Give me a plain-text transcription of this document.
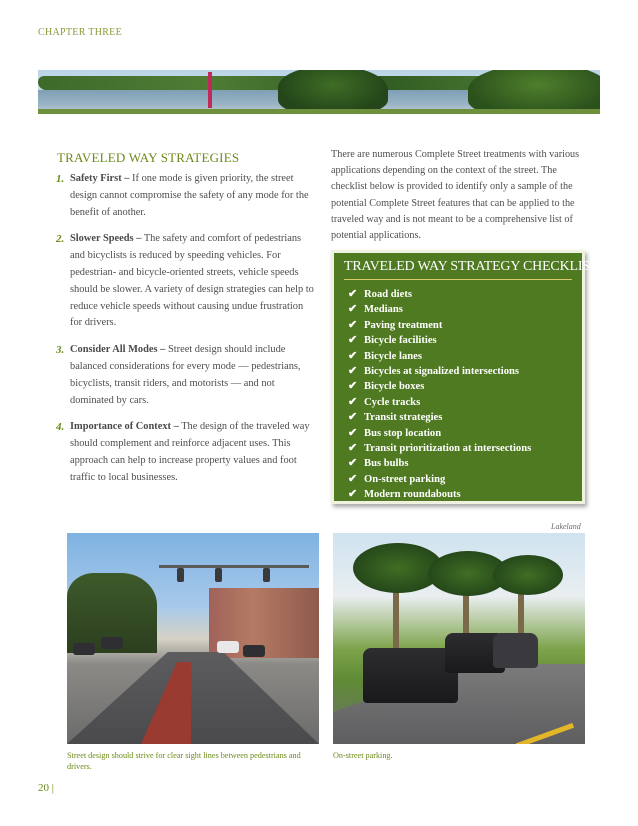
CHAPTER THREE
TRAVELED WAY STRATEGIES
1. Safety First – If one mode is given priority, the street design cannot compromise the safety of any mode for the benefit of another.
2. Slower Speeds – The safety and comfort of pedestrians and bicyclists is reduced by speeding vehicles. For pedestrian- and bicycle-oriented streets, vehicle speeds should be slower. A variety of design strategies can help to reduce vehicle speeds without causing undue frustration for drivers.
3. Consider All Modes – Street design should include balanced considerations for every mode — pedestrians, bicyclists, transit riders, and motorists — and not dominated by cars.
4. Importance of Context – The design of the traveled way should complement and reinforce adjacent uses. This approach can help to increase property values and foot traffic to local businesses.
There are numerous Complete Street treatments with various applications depending on the context of the street. The checklist below is provided to identify only a sample of the potential Complete Street features that can be applied to the traveled way and is not meant to be a comprehensive list of potential applications.
TRAVELED WAY STRATEGY CHECKLIST
✔ Road diets
✔ Medians
✔ Paving treatment
✔ Bicycle facilities
✔ Bicycle lanes
✔ Bicycles at signalized intersections
✔ Bicycle boxes
✔ Cycle tracks
✔ Transit strategies
✔ Bus stop location
✔ Transit prioritization at intersections
✔ Bus bulbs
✔ On-street parking
✔ Modern roundabouts
Lakeland
Street design should strive for clear sight lines between pedestrians and drivers.
On-street parking.
20 |
